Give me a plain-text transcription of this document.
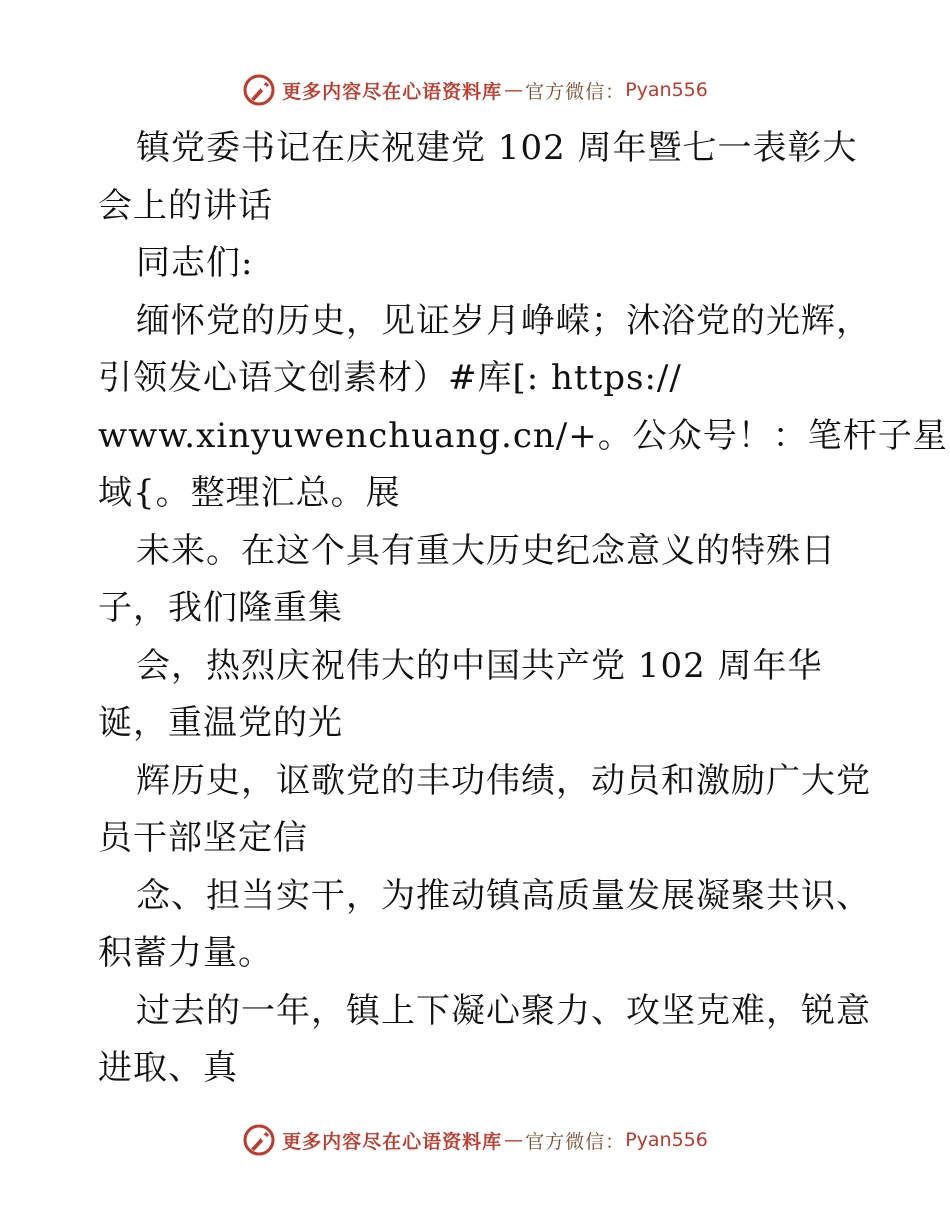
更多内容尽在心语资料库 — 官方微信： Pyan556
镇党委书记在庆祝建党 102 周年暨七一表彰大
会上的讲话
同志们:
缅怀党的历史，见证岁月峥嵘；沐浴党的光辉，
引领发心语文创素材）#库[: https://
www.xinyuwenchuang.cn/+。公众号！：笔杆子星
域{。整理汇总。展
未来。在这个具有重大历史纪念意义的特殊日
子，我们隆重集
会，热烈庆祝伟大的中国共产党 102 周年华
诞，重温党的光
辉历史，讴歌党的丰功伟绩，动员和激励广大党
员干部坚定信
念、担当实干，为推动镇高质量发展凝聚共识、
积蓄力量。
过去的一年，镇上下凝心聚力、攻坚克难，锐意
进取、真
更多内容尽在心语资料库 — 官方微信： Pyan556
